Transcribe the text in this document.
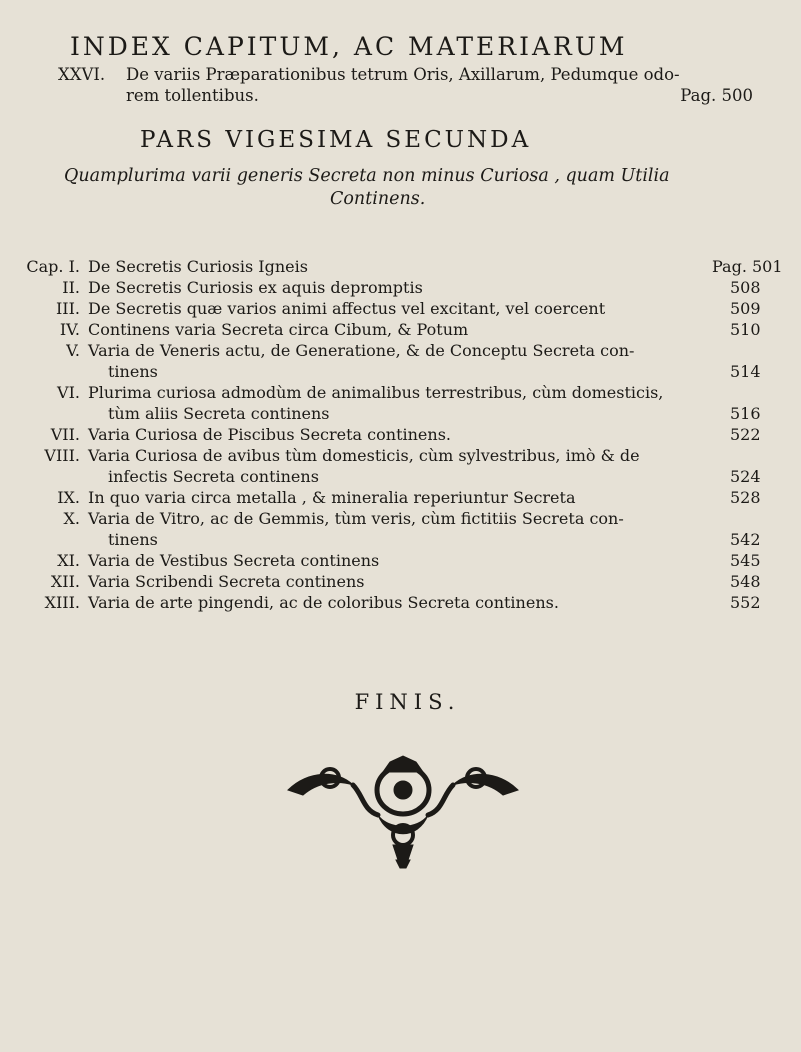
INDEX CAPITUM, AC MATERIARUM
XXVI. De variis Præparationibus tetrum Oris, Axillarum, Pedumque odo-
rem tollentibus.	Pag. 500
PARS VIGESIMA SECUNDA
Quamplurima varii generis Secreta non minus Curiosa , quam Utilia
Continens.
Cap. I. De Secretis Curiosis Igneis	Pag. 501
II. De Secretis Curiosis ex aquis depromptis	508
III. De Secretis quæ varios animi affectus vel excitant, vel coercent	509
IV. Continens varia Secreta circa Cibum, & Potum	510
V. Varia de Veneris actu, de Generatione, & de Conceptu Secreta con-
tinens	514
VI. Plurima curiosa admodùm de animalibus terrestribus, cùm domesticis,
tùm aliis Secreta continens	516
VII. Varia Curiosa de Piscibus Secreta continens.	522
VIII. Varia Curiosa de avibus tùm domesticis, cùm sylvestribus, imò & de
infectis Secreta continens	524
IX. In quo varia circa metalla , & mineralia reperiuntur Secreta	528
X. Varia de Vitro, ac de Gemmis, tùm veris, cùm fictitiis Secreta con-
tinens	542
XI. Varia de Vestibus Secreta continens	545
XII. Varia Scribendi Secreta continens	548
XIII. Varia de arte pingendi, ac de coloribus Secreta continens.	552
FINIS.
